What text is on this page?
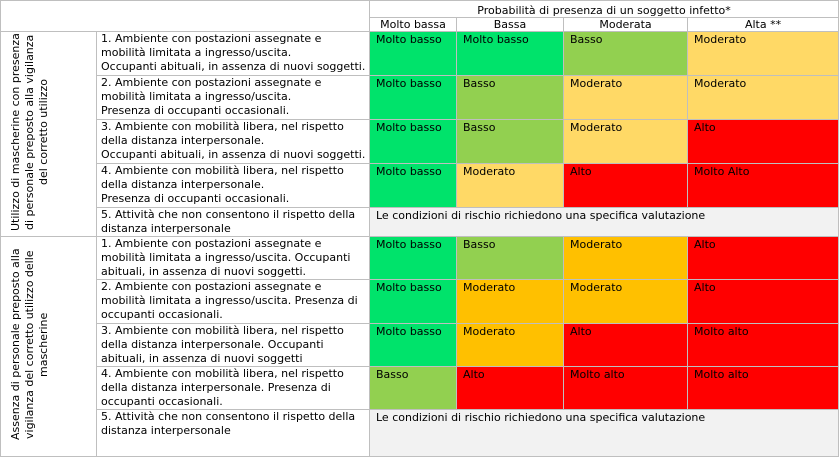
		Probabilità di presenza di un soggetto infetto*			
		Molto bassa	Bassa	Moderata	Alta **
Utilizzo di mascherine con presenza di personale preposto alla vigilanza del corretto utilizzo	1. Ambiente con postazioni assegnate e mobilità limitata a ingresso/uscita.
Occupanti abituali, in assenza di nuovi soggetti.	Molto basso	Molto basso	Basso	Moderato
	2. Ambiente con postazioni assegnate e mobilità limitata a ingresso/uscita.
Presenza di occupanti occasionali.	Molto basso	Basso	Moderato	Moderato
	3. Ambiente con mobilità libera, nel rispetto della distanza interpersonale.
Occupanti abituali, in assenza di nuovi soggetti.	Molto basso	Basso	Moderato	Alto
	4. Ambiente con mobilità libera, nel rispetto della distanza interpersonale.
Presenza di occupanti occasionali.	Molto basso	Moderato	Alto	Molto Alto
	5. Attività che non consentono il rispetto della distanza interpersonale	Le condizioni di rischio richiedono una specifica valutazione			
Assenza di personale preposto alla vigilanza del corretto utilizzo delle mascherine	1. Ambiente con postazioni assegnate e mobilità limitata a ingresso/uscita. Occupanti abituali, in assenza di nuovi soggetti.	Molto basso	Basso	Moderato	Alto
	2. Ambiente con postazioni assegnate e mobilità limitata a ingresso/uscita. Presenza di occupanti occasionali.	Molto basso	Moderato	Moderato	Alto
	3. Ambiente con mobilità libera, nel rispetto della distanza interpersonale. Occupanti abituali, in assenza di nuovi soggetti	Molto basso	Moderato	Alto	Molto alto
	4. Ambiente con mobilità libera, nel rispetto della distanza interpersonale. Presenza di occupanti occasionali.	Basso	Alto	Molto alto	Molto alto
	5. Attività che non consentono il rispetto della distanza interpersonale	Le condizioni di rischio richiedono una specifica valutazione			
